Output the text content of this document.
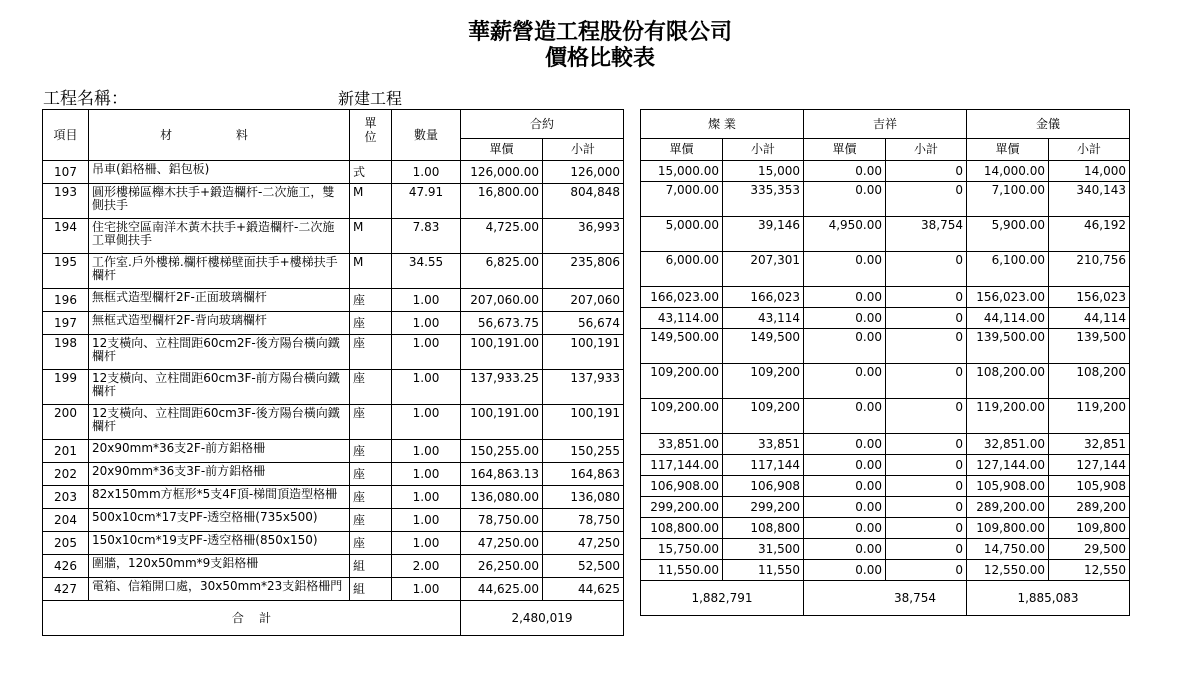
華薪營造工程股份有限公司
價格比較表
工程名稱：	新建工程
項目	材 料	單位	數量	合約	
				單價	小計
107	吊車(鋁格柵、鋁包板)	式	1.00	126,000.00	126,000
193	圓形樓梯區櫸木扶手+鍛造欄杆-二次施工，雙側扶手	M	47.91	16,800.00	804,848
194	住宅挑空區南洋木黃木扶手+鍛造欄杆-二次施工單側扶手	M	7.83	4,725.00	36,993
195	工作室.戶外樓梯.欄杆樓梯壁面扶手+樓梯扶手欄杆	M	34.55	6,825.00	235,806
196	無框式造型欄杆2F-正面玻璃欄杆	座	1.00	207,060.00	207,060
197	無框式造型欄杆2F-背向玻璃欄杆	座	1.00	56,673.75	56,674
198	12支橫向、立柱間距60cm2F-後方陽台橫向鐵欄杆	座	1.00	100,191.00	100,191
199	12支橫向、立柱間距60cm3F-前方陽台橫向鐵欄杆	座	1.00	137,933.25	137,933
200	12支橫向、立柱間距60cm3F-後方陽台橫向鐵欄杆	座	1.00	100,191.00	100,191
201	20x90mm*36支2F-前方鋁格柵	座	1.00	150,255.00	150,255
202	20x90mm*36支3F-前方鋁格柵	座	1.00	164,863.13	164,863
203	82x150mm方框形*5支4F頂-梯間頂造型格柵	座	1.00	136,080.00	136,080
204	500x10cm*17支PF-透空格柵(735x500)	座	1.00	78,750.00	78,750
205	150x10cm*19支PF-透空格柵(850x150)	座	1.00	47,250.00	47,250
426	圍牆，120x50mm*9支鋁格柵	組	2.00	26,250.00	52,500
427	電箱、信箱開口處，30x50mm*23支鋁格柵門	組	1.00	44,625.00	44,625
合    計				2,480,019	
燦 業		吉祥		金儀	
單價	小計	單價	小計	單價	小計
15,000.00	15,000	0.00	0	14,000.00	14,000
7,000.00	335,353	0.00	0	7,100.00	340,143
5,000.00	39,146	4,950.00	38,754	5,900.00	46,192
6,000.00	207,301	0.00	0	6,100.00	210,756
166,023.00	166,023	0.00	0	156,023.00	156,023
43,114.00	43,114	0.00	0	44,114.00	44,114
149,500.00	149,500	0.00	0	139,500.00	139,500
109,200.00	109,200	0.00	0	108,200.00	108,200
109,200.00	109,200	0.00	0	119,200.00	119,200
33,851.00	33,851	0.00	0	32,851.00	32,851
117,144.00	117,144	0.00	0	127,144.00	127,144
106,908.00	106,908	0.00	0	105,908.00	105,908
299,200.00	299,200	0.00	0	289,200.00	289,200
108,800.00	108,800	0.00	0	109,800.00	109,800
15,750.00	31,500	0.00	0	14,750.00	29,500
11,550.00	11,550	0.00	0	12,550.00	12,550
1,882,791		38,754		1,885,083	
